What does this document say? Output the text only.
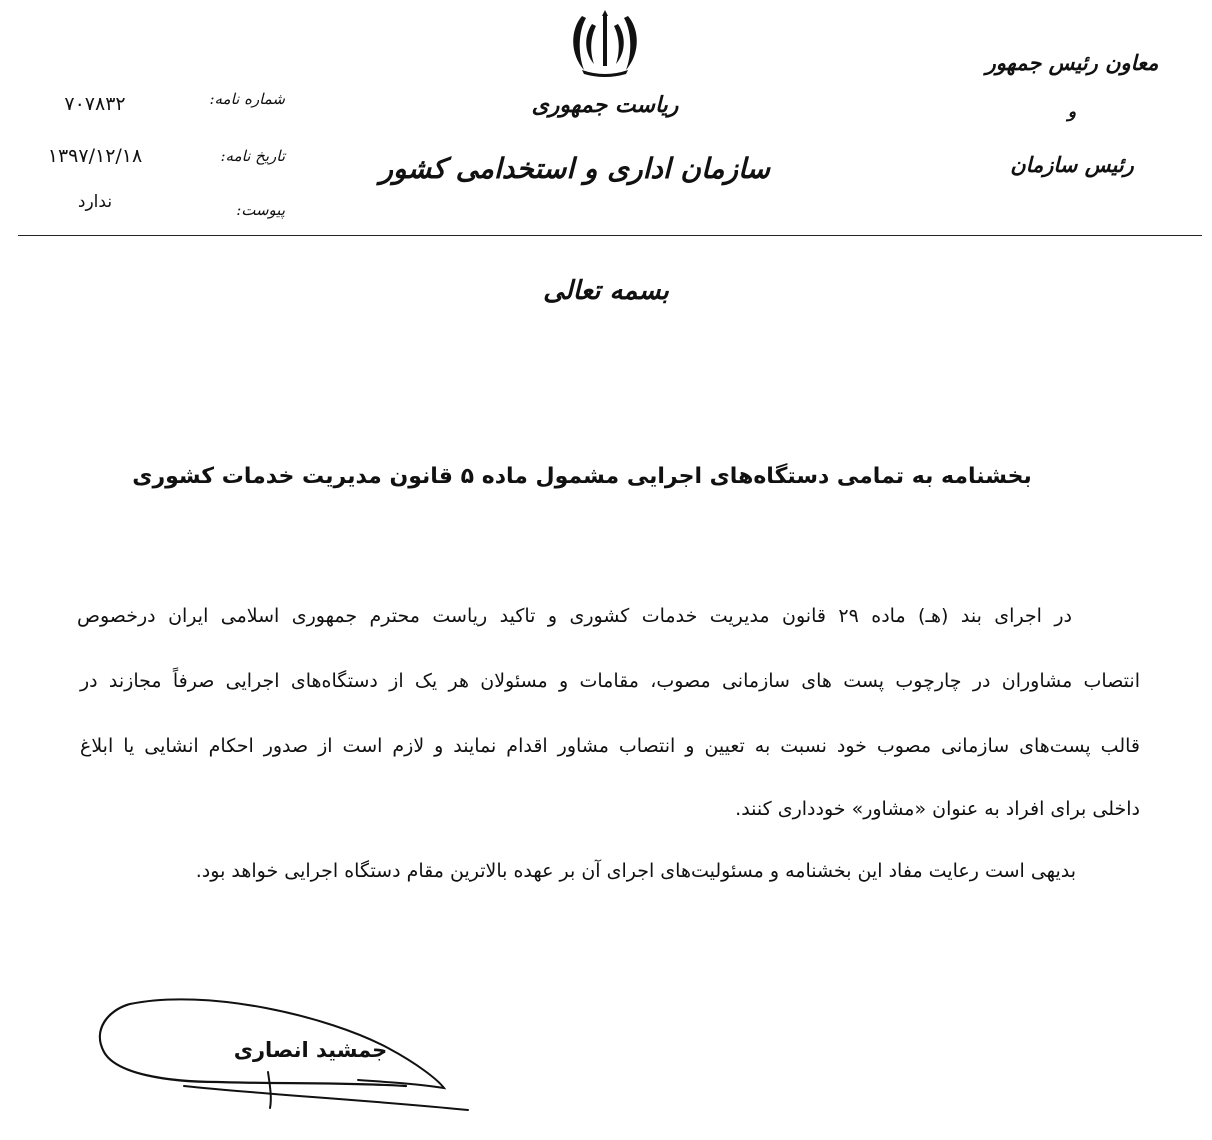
معاون رئیس جمهور
و
رئیس سازمان
ریاست جمهوری
سازمان اداری و استخدامی کشور
شماره نامه:
۷۰۷۸۳۲
تاریخ نامه:
۱۳۹۷/۱۲/۱۸
پیوست:
ندارد
بسمه تعالی
بخشنامه به تمامی دستگاه‌های اجرایی مشمول ماده ۵ قانون مدیریت خدمات کشوری
در اجرای بند (هـ) ماده ۲۹ قانون مدیریت خدمات کشوری و تاکید ریاست محترم جمهوری اسلامی ایران درخصوص
انتصاب مشاوران در چارچوب پست های سازمانی مصوب، مقامات و مسئولان هر یک از دستگاه‌های اجرایی صرفاً مجازند در
قالب پست‌های سازمانی مصوب خود نسبت به تعیین و انتصاب مشاور اقدام نمایند و لازم است از صدور احکام انشایی یا ابلاغ
داخلی برای افراد به عنوان «مشاور» خودداری کنند.
بدیهی است رعایت مفاد این بخشنامه و مسئولیت‌های اجرای آن بر عهده بالاترین مقام دستگاه اجرایی خواهد بود.
جمشید انصاری
